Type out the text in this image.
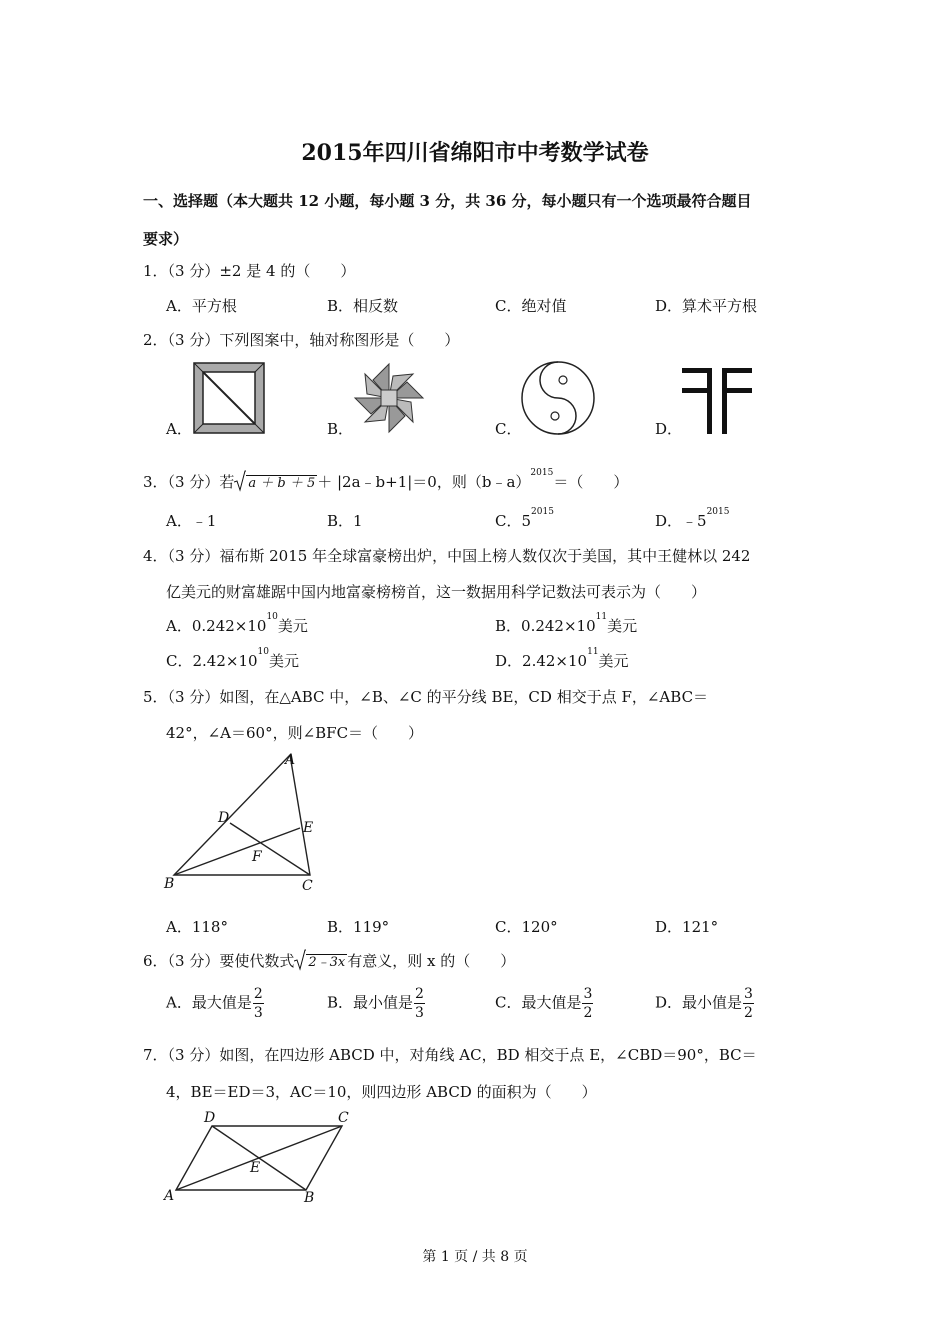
2015年四川省绵阳市中考数学试卷
一、选择题（本大题共 12 小题，每小题 3 分，共 36 分，每小题只有一个选项最符合题目
要求）
1．（3 分）±2 是 4 的（　　）
A．平方根	B．相反数	C．绝对值	D．算术平方根
2．（3 分）下列图案中，轴对称图形是（　　）
A．	B．	C．	D．
3．（3 分）若 a ＋ b ＋ 5 ＋ |2a﹣b+1|＝0，则（b﹣a）$^{2015}$＝（　　）
A．﹣1	B．1	C．$5^{2015}$	D．$﹣5^{2015}$
4．（3 分）福布斯 2015 年全球富豪榜出炉，中国上榜人数仅次于美国，其中王健林以 242
亿美元的财富雄踞中国内地富豪榜榜首，这一数据用科学记数法可表示为（　　）
A．$0.242\times 10^{10}$美元	B．$0.242\times 10^{11}$美元
C．$2.42\times 10^{10}$美元	D．$2.42\times 10^{11}$美元
5．（3 分）如图，在△ABC 中，∠B、∠C 的平分线 BE，CD 相交于点 F，∠ABC＝
42°，∠A＝60°，则∠BFC＝（　　）
A
D
E
F
B	C
A．118°	B．119°	C．120°	D．121°
6．（3 分）要使代数式 2﹣3x 有意义，则 x 的（　　）
A．最大值是 $\frac{2}{3}$	B．最小值是 $\frac{2}{3}$	C．最大值是 $\frac{3}{2}$	D．最小值是 $\frac{3}{2}$
7．（3 分）如图，在四边形 ABCD 中，对角线 AC，BD 相交于点 E，∠CBD＝90°，BC＝
4，BE＝ED＝3，AC＝10，则四边形 ABCD 的面积为（　　）
D	C
E
A	B
第 1 页 / 共 8 页
